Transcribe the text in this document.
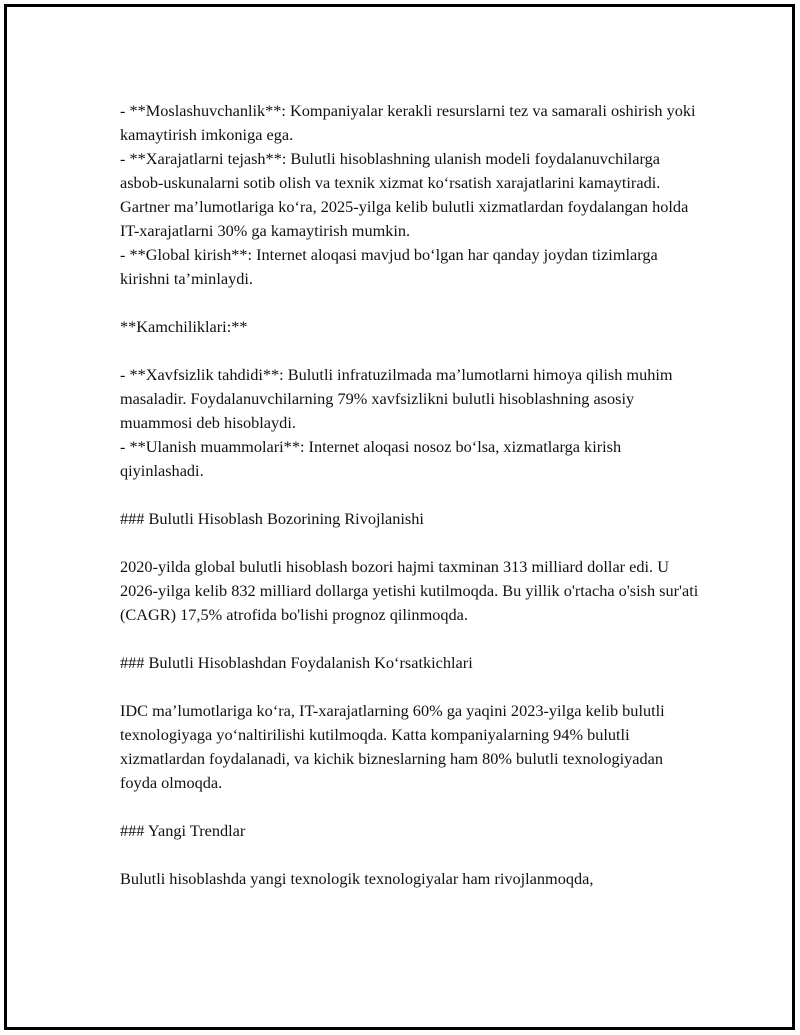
- **Moslashuvchanlik**: Kompaniyalar kerakli resurslarni tez va samarali oshirish yoki kamaytirish imkoniga ega.

- **Xarajatlarni tejash**: Bulutli hisoblashning ulanish modeli foydalanuvchilarga asbob-uskunalarni sotib olish va texnik xizmat koʻrsatish xarajatlarini kamaytiradi. Gartner maʼlumotlariga koʻra, 2025-yilga kelib bulutli xizmatlardan foydalangan holda IT-xarajatlarni 30% ga kamaytirish mumkin.

- **Global kirish**: Internet aloqasi mavjud boʻlgan har qanday joydan tizimlarga kirishni taʼminlaydi.

**Kamchiliklari:**

- **Xavfsizlik tahdidi**: Bulutli infratuzilmada maʼlumotlarni himoya qilish muhim masaladir. Foydalanuvchilarning 79% xavfsizlikni bulutli hisoblashning asosiy muammosi deb hisoblaydi.

- **Ulanish muammolari**: Internet aloqasi nosoz boʻlsa, xizmatlarga kirish qiyinlashadi.

### Bulutli Hisoblash Bozorining Rivojlanishi

2020-yilda global bulutli hisoblash bozori hajmi taxminan 313 milliard dollar edi. U 2026-yilga kelib 832 milliard dollarga yetishi kutilmoqda. Bu yillik o'rtacha o'sish sur'ati (CAGR) 17,5% atrofida bo'lishi prognoz qilinmoqda.

### Bulutli Hisoblashdan Foydalanish Koʻrsatkichlari

IDC maʼlumotlariga koʻra, IT-xarajatlarning 60% ga yaqini 2023-yilga kelib bulutli texnologiyaga yoʻnaltirilishi kutilmoqda. Katta kompaniyalarning 94% bulutli xizmatlardan foydalanadi, va kichik bizneslarning ham 80% bulutli texnologiyadan foyda olmoqda.

### Yangi Trendlar

Bulutli hisoblashda yangi texnologik texnologiyalar ham rivojlanmoqda,
